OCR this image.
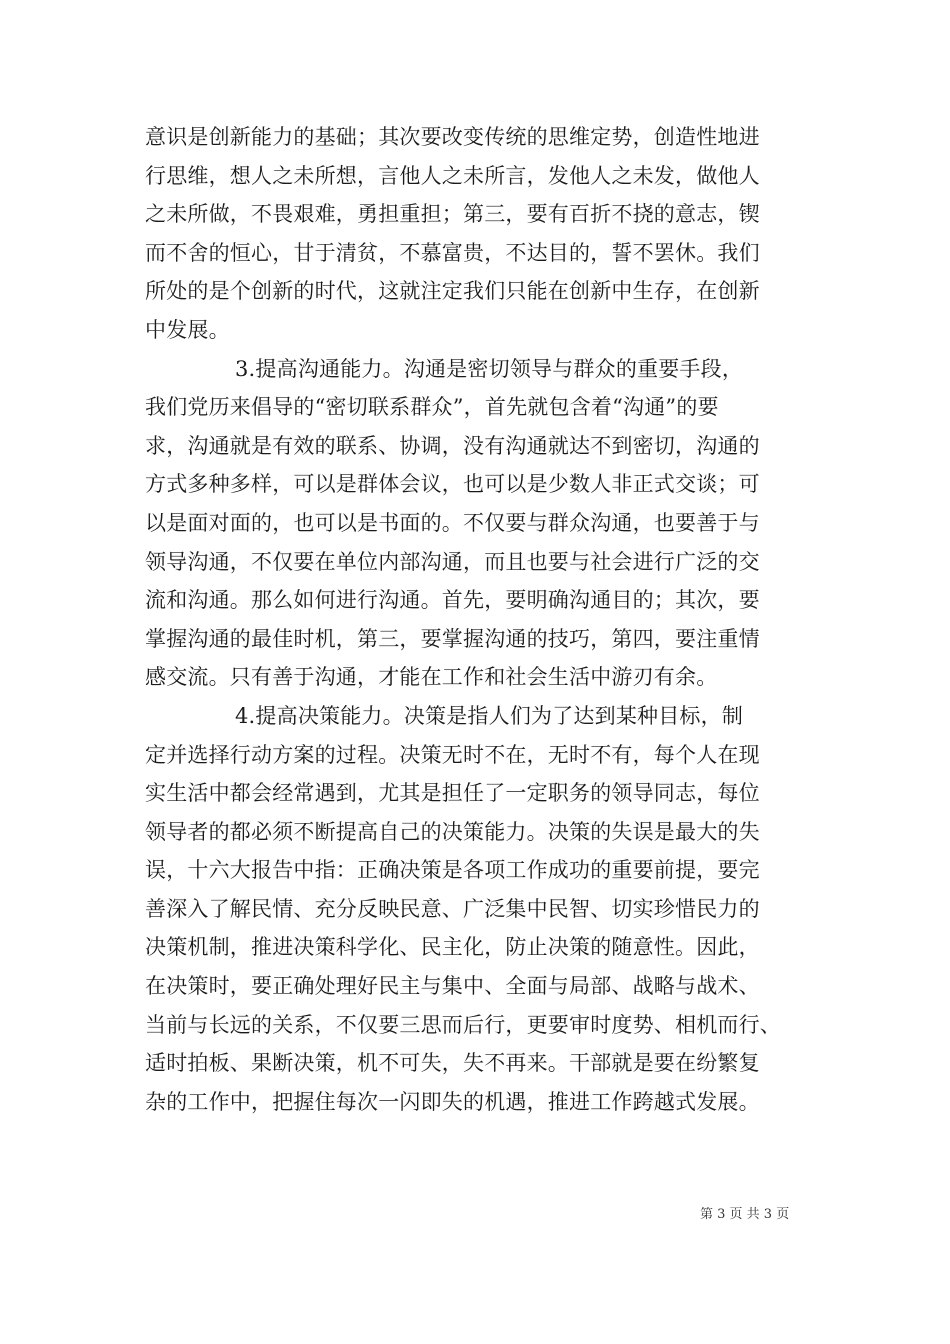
意识是创新能力的基础；其次要改变传统的思维定势，创造性地进
行思维，想人之未所想，言他人之未所言，发他人之未发，做他人
之未所做，不畏艰难，勇担重担；第三，要有百折不挠的意志，锲
而不舍的恒心，甘于清贫，不慕富贵，不达目的，誓不罢休。我们
所处的是个创新的时代，这就注定我们只能在创新中生存，在创新
中发展。
3.提高沟通能力。沟通是密切领导与群众的重要手段，
我们党历来倡导的“密切联系群众”，首先就包含着“沟通”的要
求，沟通就是有效的联系、协调，没有沟通就达不到密切，沟通的
方式多种多样，可以是群体会议，也可以是少数人非正式交谈；可
以是面对面的，也可以是书面的。不仅要与群众沟通，也要善于与
领导沟通，不仅要在单位内部沟通，而且也要与社会进行广泛的交
流和沟通。那么如何进行沟通。首先，要明确沟通目的；其次，要
掌握沟通的最佳时机，第三，要掌握沟通的技巧，第四，要注重情
感交流。只有善于沟通，才能在工作和社会生活中游刃有余。
4.提高决策能力。决策是指人们为了达到某种目标，制
定并选择行动方案的过程。决策无时不在，无时不有，每个人在现
实生活中都会经常遇到，尤其是担任了一定职务的领导同志，每位
领导者的都必须不断提高自己的决策能力。决策的失误是最大的失
误，十六大报告中指：正确决策是各项工作成功的重要前提，要完
善深入了解民情、充分反映民意、广泛集中民智、切实珍惜民力的
决策机制，推进决策科学化、民主化，防止决策的随意性。因此，
在决策时，要正确处理好民主与集中、全面与局部、战略与战术、
当前与长远的关系，不仅要三思而后行，更要审时度势、相机而行、
适时拍板、果断决策，机不可失，失不再来。干部就是要在纷繁复
杂的工作中，把握住每次一闪即失的机遇，推进工作跨越式发展。
第 3 页 共 3 页
